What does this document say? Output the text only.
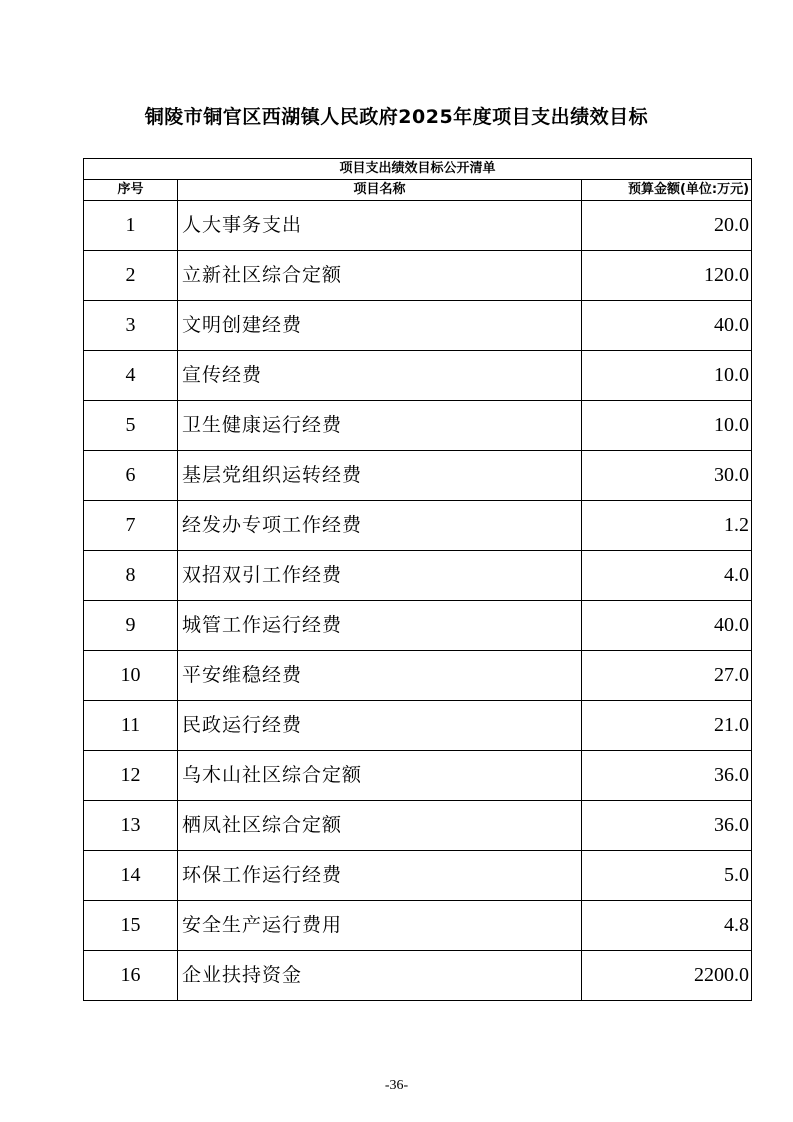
铜陵市铜官区西湖镇人民政府2025年度项目支出绩效目标
项目支出绩效目标公开清单		
序号	项目名称	预算金额(单位:万元)
1	人大事务支出	20.0
2	立新社区综合定额	120.0
3	文明创建经费	40.0
4	宣传经费	10.0
5	卫生健康运行经费	10.0
6	基层党组织运转经费	30.0
7	经发办专项工作经费	1.2
8	双招双引工作经费	4.0
9	城管工作运行经费	40.0
10	平安维稳经费	27.0
11	民政运行经费	21.0
12	乌木山社区综合定额	36.0
13	栖凤社区综合定额	36.0
14	环保工作运行经费	5.0
15	安全生产运行费用	4.8
16	企业扶持资金	2200.0
-36-
